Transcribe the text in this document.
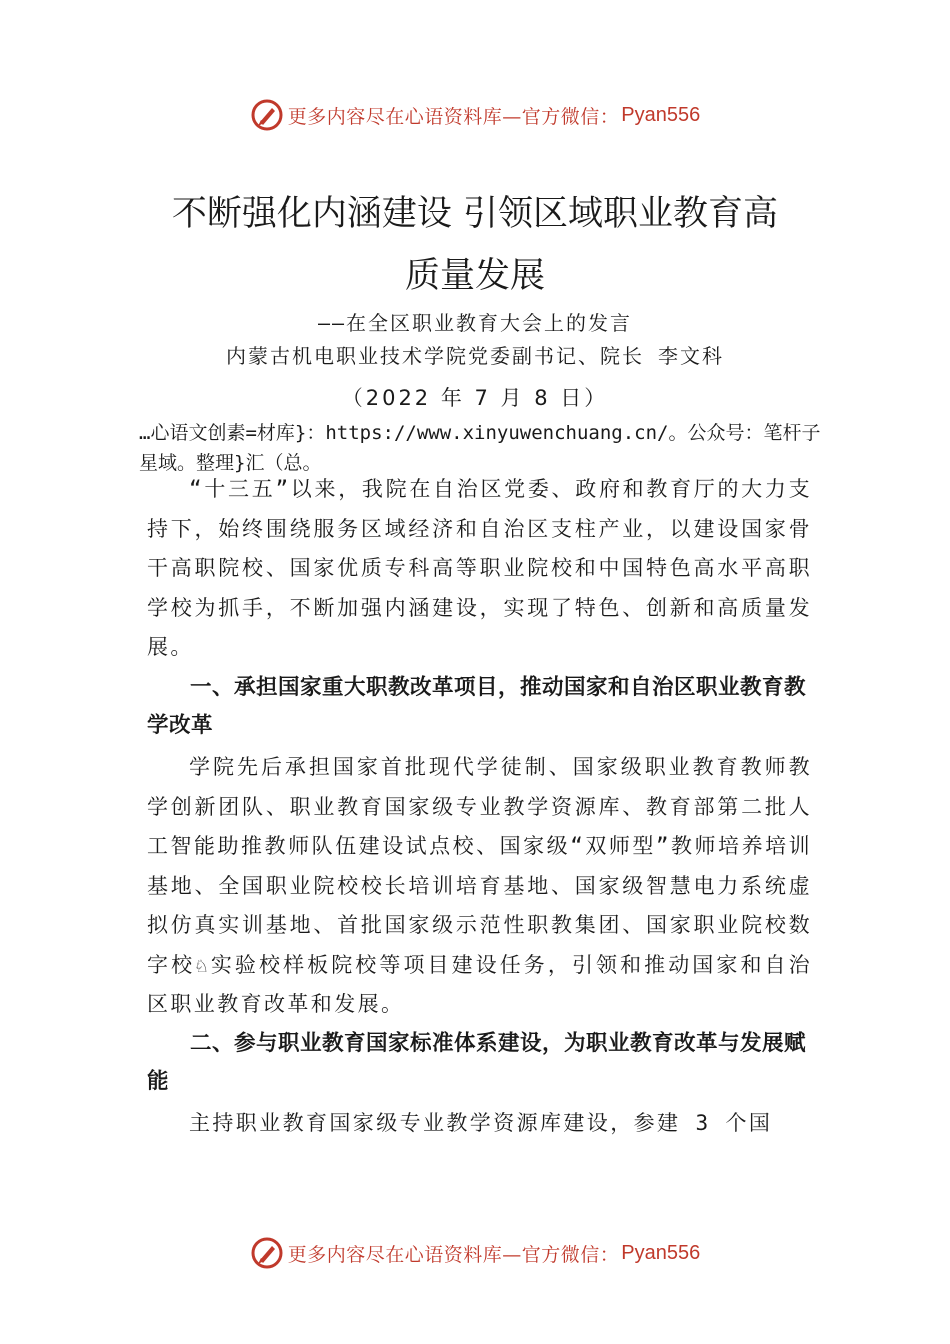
更多内容尽在心语资料库—官方微信： Pyan556
不断强化内涵建设 引领区域职业教育高
质量发展
——在全区职业教育大会上的发言
内蒙古机电职业技术学院党委副书记、院长 李文科
（2022 年 7 月 8 日）
…心语文创素=材库}：https://www.xinyuwenchuang.cn/。公众号：笔杆子星域。整理}汇（总。

“十三五”以来，我院在自治区党委、政府和教育厅的大力支持下，始终围绕服务区域经济和自治区支柱产业，以建设国家骨干高职院校、国家优质专科高等职业院校和中国特色高水平高职学校为抓手，不断加强内涵建设，实现了特色、创新和高质量发展。

一、承担国家重大职教改革项目，推动国家和自治区职业教育教学改革

学院先后承担国家首批现代学徒制、国家级职业教育教师教学创新团队、职业教育国家级专业教学资源库、教育部第二批人工智能助推教师队伍建设试点校、国家级“双师型”教师培养培训基地、全国职业院校校长培训培育基地、国家级智慧电力系统虚拟仿真实训基地、首批国家级示范性职教集团、国家职业院校数字校♘实验校样板院校等项目建设任务，引领和推动国家和自治区职业教育改革和发展。

二、参与职业教育国家标准体系建设，为职业教育改革与发展赋能

主持职业教育国家级专业教学资源库建设，参建 3 个国

更多内容尽在心语资料库—官方微信： Pyan556
